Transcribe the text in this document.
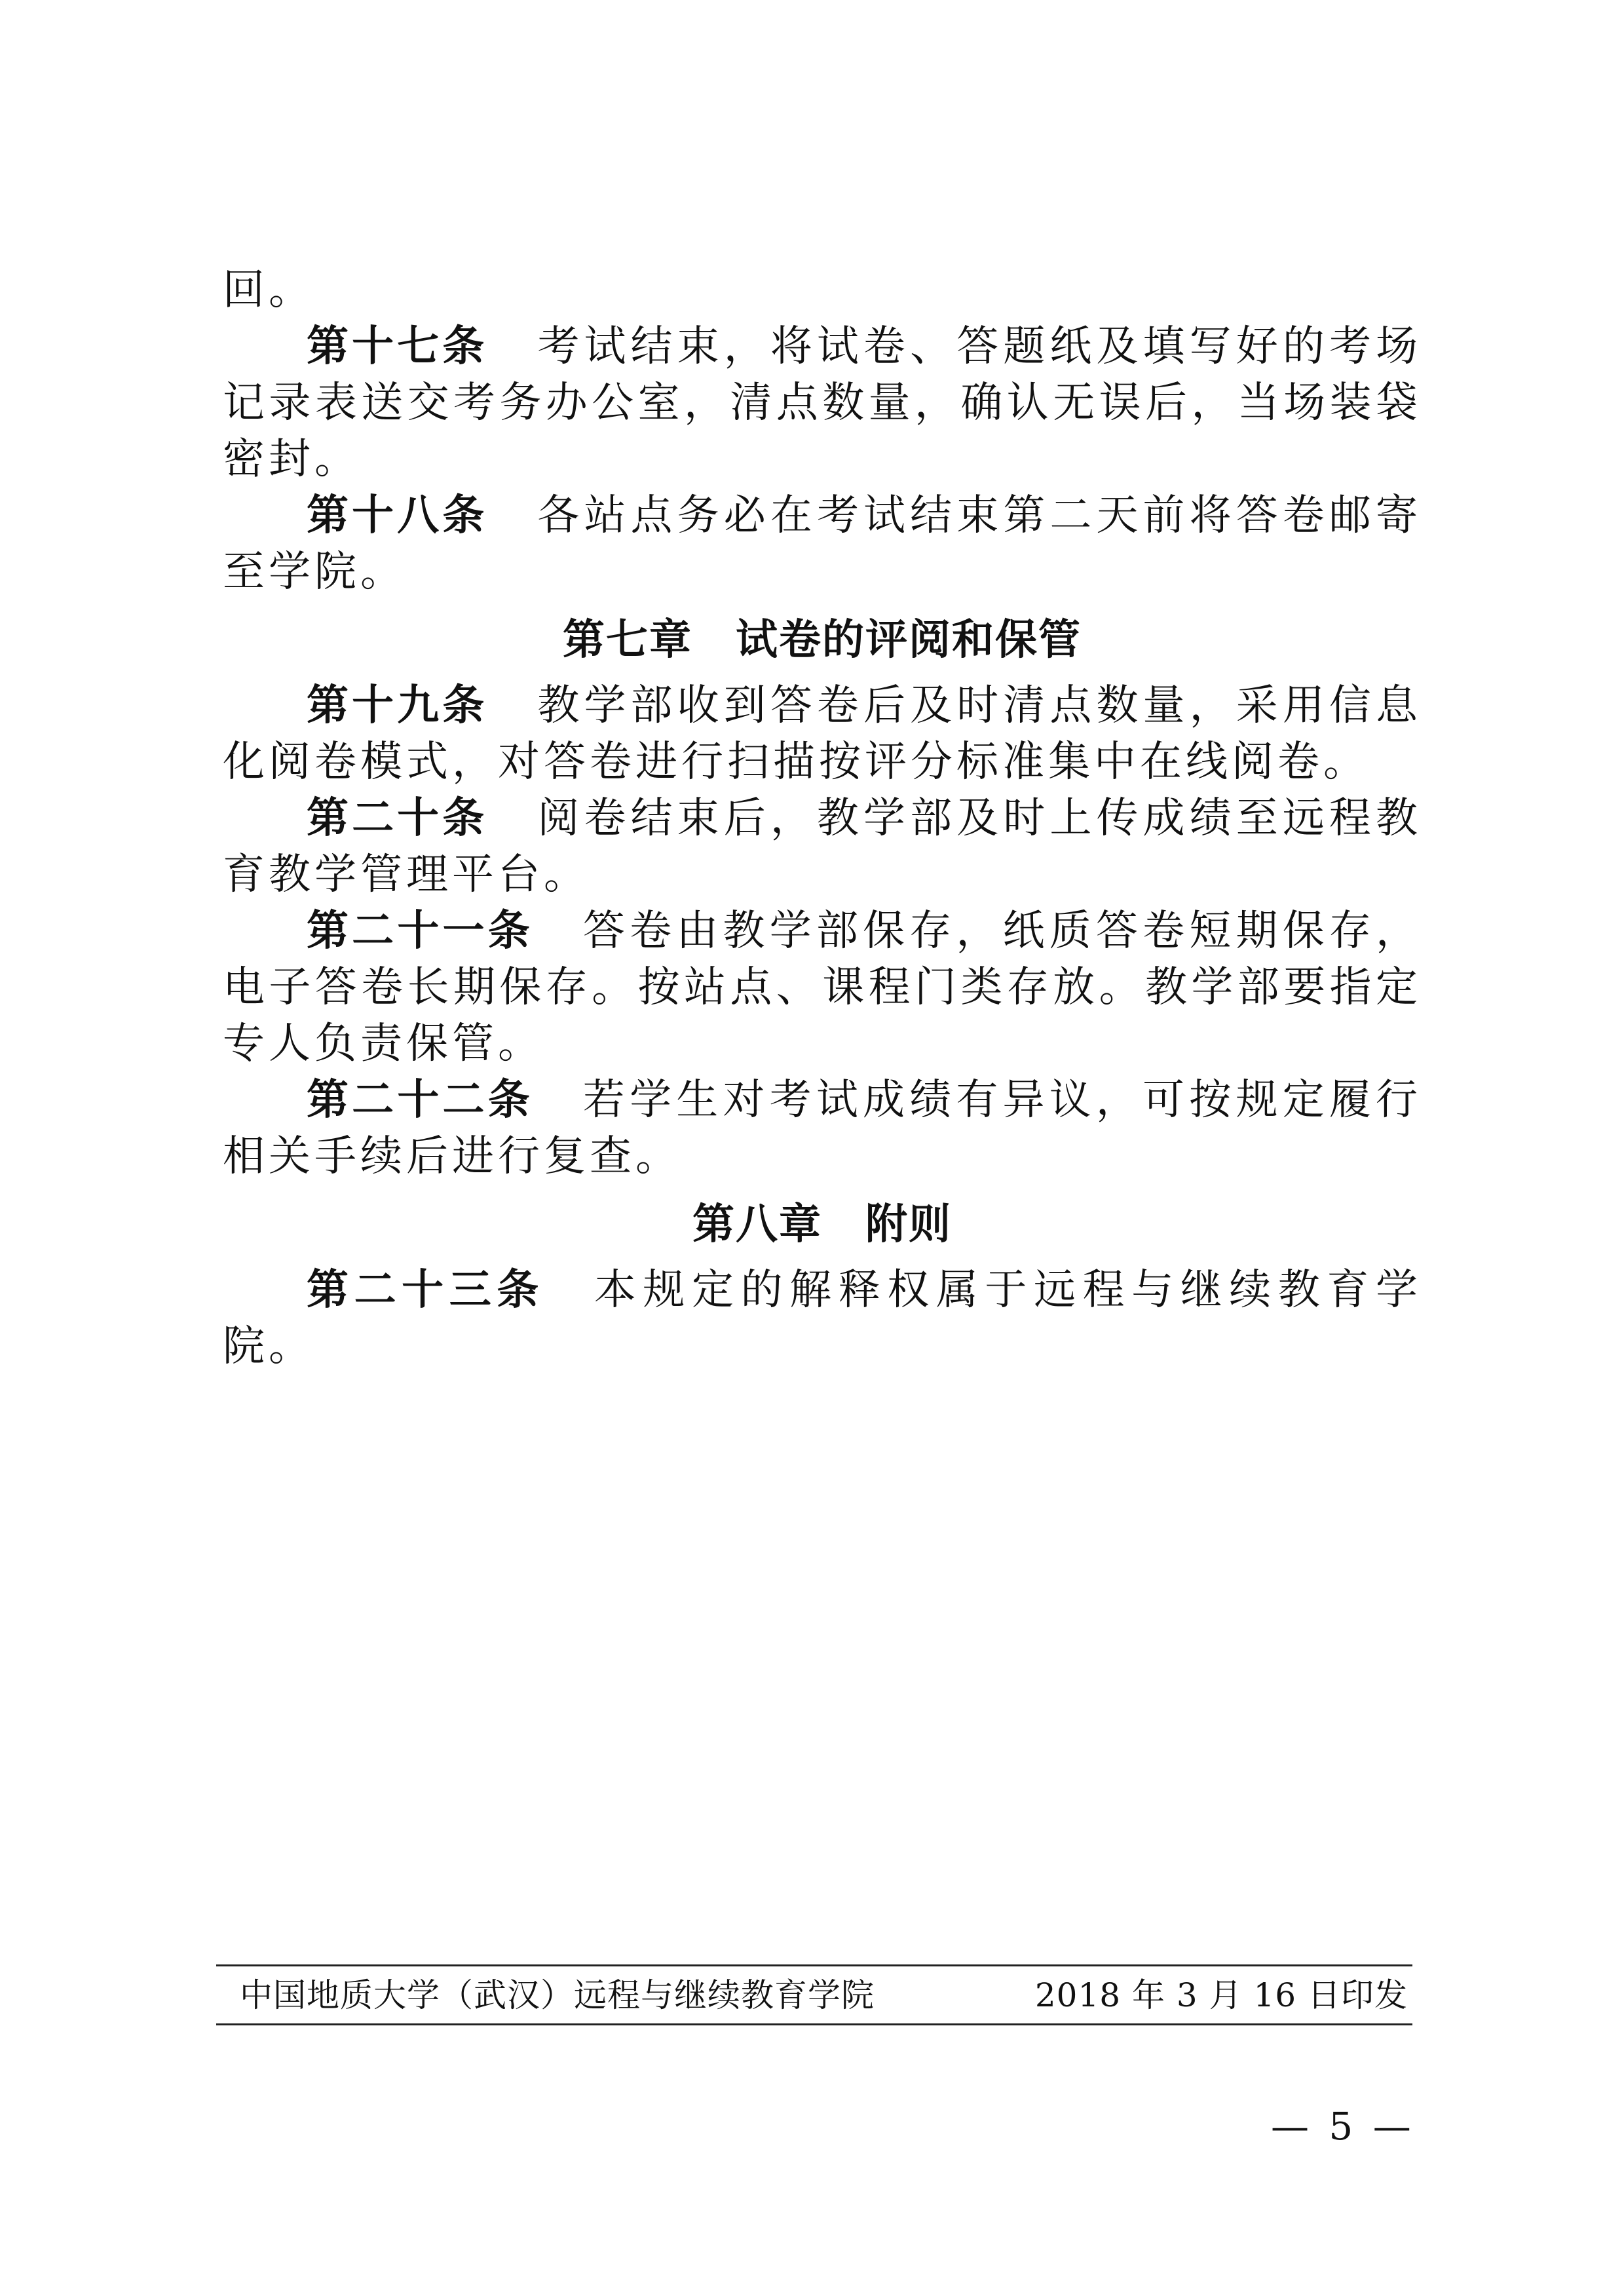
回。

第十七条 考试结束，将试卷、答题纸及填写好的考场记录表送交考务办公室，清点数量，确认无误后，当场装袋密封。

第十八条 各站点务必在考试结束第二天前将答卷邮寄至学院。

第七章 试卷的评阅和保管

第十九条 教学部收到答卷后及时清点数量，采用信息化阅卷模式，对答卷进行扫描按评分标准集中在线阅卷。

第二十条 阅卷结束后，教学部及时上传成绩至远程教育教学管理平台。

第二十一条 答卷由教学部保存，纸质答卷短期保存，电子答卷长期保存。按站点、课程门类存放。教学部要指定专人负责保管。

第二十二条 若学生对考试成绩有异议，可按规定履行相关手续后进行复查。

第八章 附则

第二十三条 本规定的解释权属于远程与继续教育学院。

中国地质大学（武汉）远程与继续教育学院	2018 年 3 月 16 日印发
— 5 —
